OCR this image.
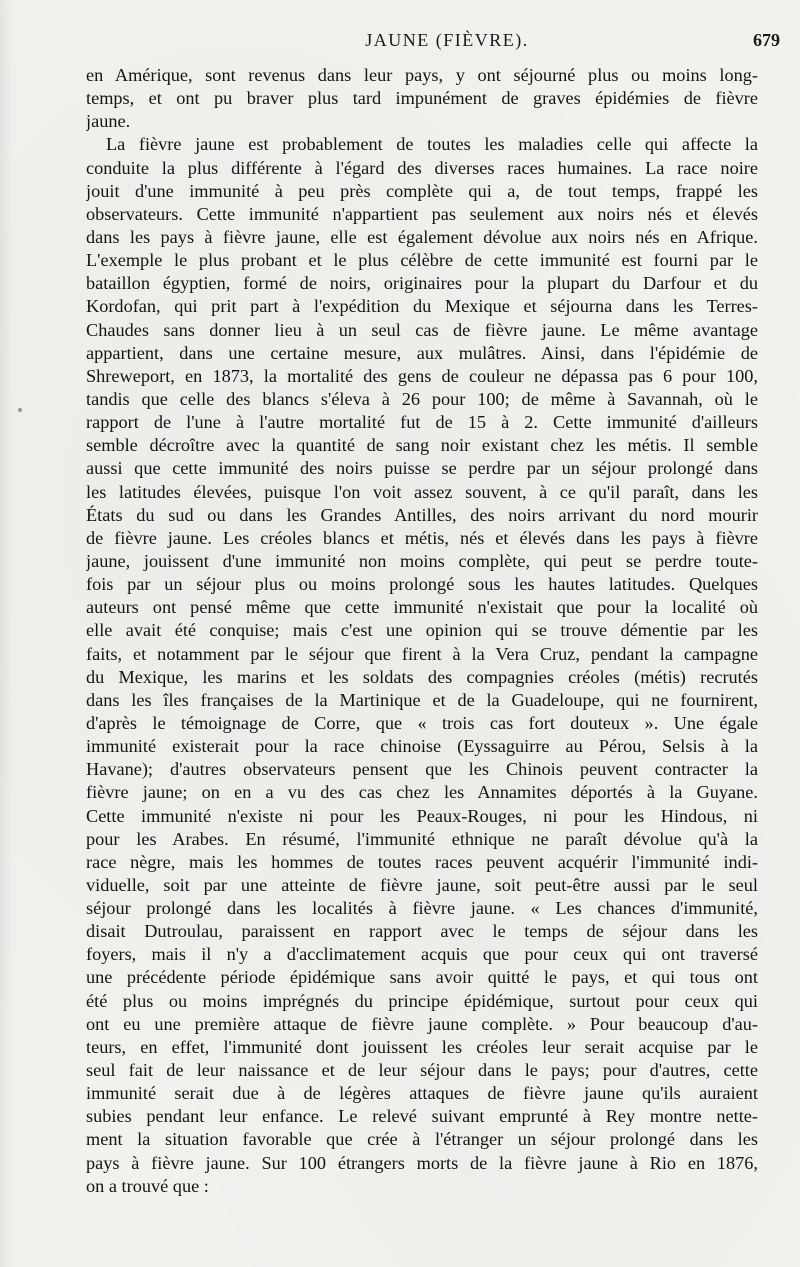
JAUNE (FIÈVRE).	679
en Amérique, sont revenus dans leur pays, y ont séjourné plus ou moins long-
temps, et ont pu braver plus tard impunément de graves épidémies de fièvre
jaune.
La fièvre jaune est probablement de toutes les maladies celle qui affecte la
conduite la plus différente à l'égard des diverses races humaines. La race noire
jouit d'une immunité à peu près complète qui a, de tout temps, frappé les
observateurs. Cette immunité n'appartient pas seulement aux noirs nés et élevés
dans les pays à fièvre jaune, elle est également dévolue aux noirs nés en Afrique.
L'exemple le plus probant et le plus célèbre de cette immunité est fourni par le
bataillon égyptien, formé de noirs, originaires pour la plupart du Darfour et du
Kordofan, qui prit part à l'expédition du Mexique et séjourna dans les Terres-
Chaudes sans donner lieu à un seul cas de fièvre jaune. Le même avantage
appartient, dans une certaine mesure, aux mulâtres. Ainsi, dans l'épidémie de
Shreweport, en 1873, la mortalité des gens de couleur ne dépassa pas 6 pour 100,
tandis que celle des blancs s'éleva à 26 pour 100; de même à Savannah, où le
rapport de l'une à l'autre mortalité fut de 15 à 2. Cette immunité d'ailleurs
semble décroître avec la quantité de sang noir existant chez les métis. Il semble
aussi que cette immunité des noirs puisse se perdre par un séjour prolongé dans
les latitudes élevées, puisque l'on voit assez souvent, à ce qu'il paraît, dans les
États du sud ou dans les Grandes Antilles, des noirs arrivant du nord mourir
de fièvre jaune. Les créoles blancs et métis, nés et élevés dans les pays à fièvre
jaune, jouissent d'une immunité non moins complète, qui peut se perdre toute-
fois par un séjour plus ou moins prolongé sous les hautes latitudes. Quelques
auteurs ont pensé même que cette immunité n'existait que pour la localité où
elle avait été conquise; mais c'est une opinion qui se trouve démentie par les
faits, et notamment par le séjour que firent à la Vera Cruz, pendant la campagne
du Mexique, les marins et les soldats des compagnies créoles (métis) recrutés
dans les îles françaises de la Martinique et de la Guadeloupe, qui ne fournirent,
d'après le témoignage de Corre, que « trois cas fort douteux ». Une égale
immunité existerait pour la race chinoise (Eyssaguirre au Pérou, Selsis à la
Havane); d'autres observateurs pensent que les Chinois peuvent contracter la
fièvre jaune; on en a vu des cas chez les Annamites déportés à la Guyane.
Cette immunité n'existe ni pour les Peaux-Rouges, ni pour les Hindous, ni
pour les Arabes. En résumé, l'immunité ethnique ne paraît dévolue qu'à la
race nègre, mais les hommes de toutes races peuvent acquérir l'immunité indi-
viduelle, soit par une atteinte de fièvre jaune, soit peut-être aussi par le seul
séjour prolongé dans les localités à fièvre jaune. « Les chances d'immunité,
disait Dutroulau, paraissent en rapport avec le temps de séjour dans les
foyers, mais il n'y a d'acclimatement acquis que pour ceux qui ont traversé
une précédente période épidémique sans avoir quitté le pays, et qui tous ont
été plus ou moins imprégnés du principe épidémique, surtout pour ceux qui
ont eu une première attaque de fièvre jaune complète. » Pour beaucoup d'au-
teurs, en effet, l'immunité dont jouissent les créoles leur serait acquise par le
seul fait de leur naissance et de leur séjour dans le pays; pour d'autres, cette
immunité serait due à de légères attaques de fièvre jaune qu'ils auraient
subies pendant leur enfance. Le relevé suivant emprunté à Rey montre nette-
ment la situation favorable que crée à l'étranger un séjour prolongé dans les
pays à fièvre jaune. Sur 100 étrangers morts de la fièvre jaune à Rio en 1876,
on a trouvé que :
